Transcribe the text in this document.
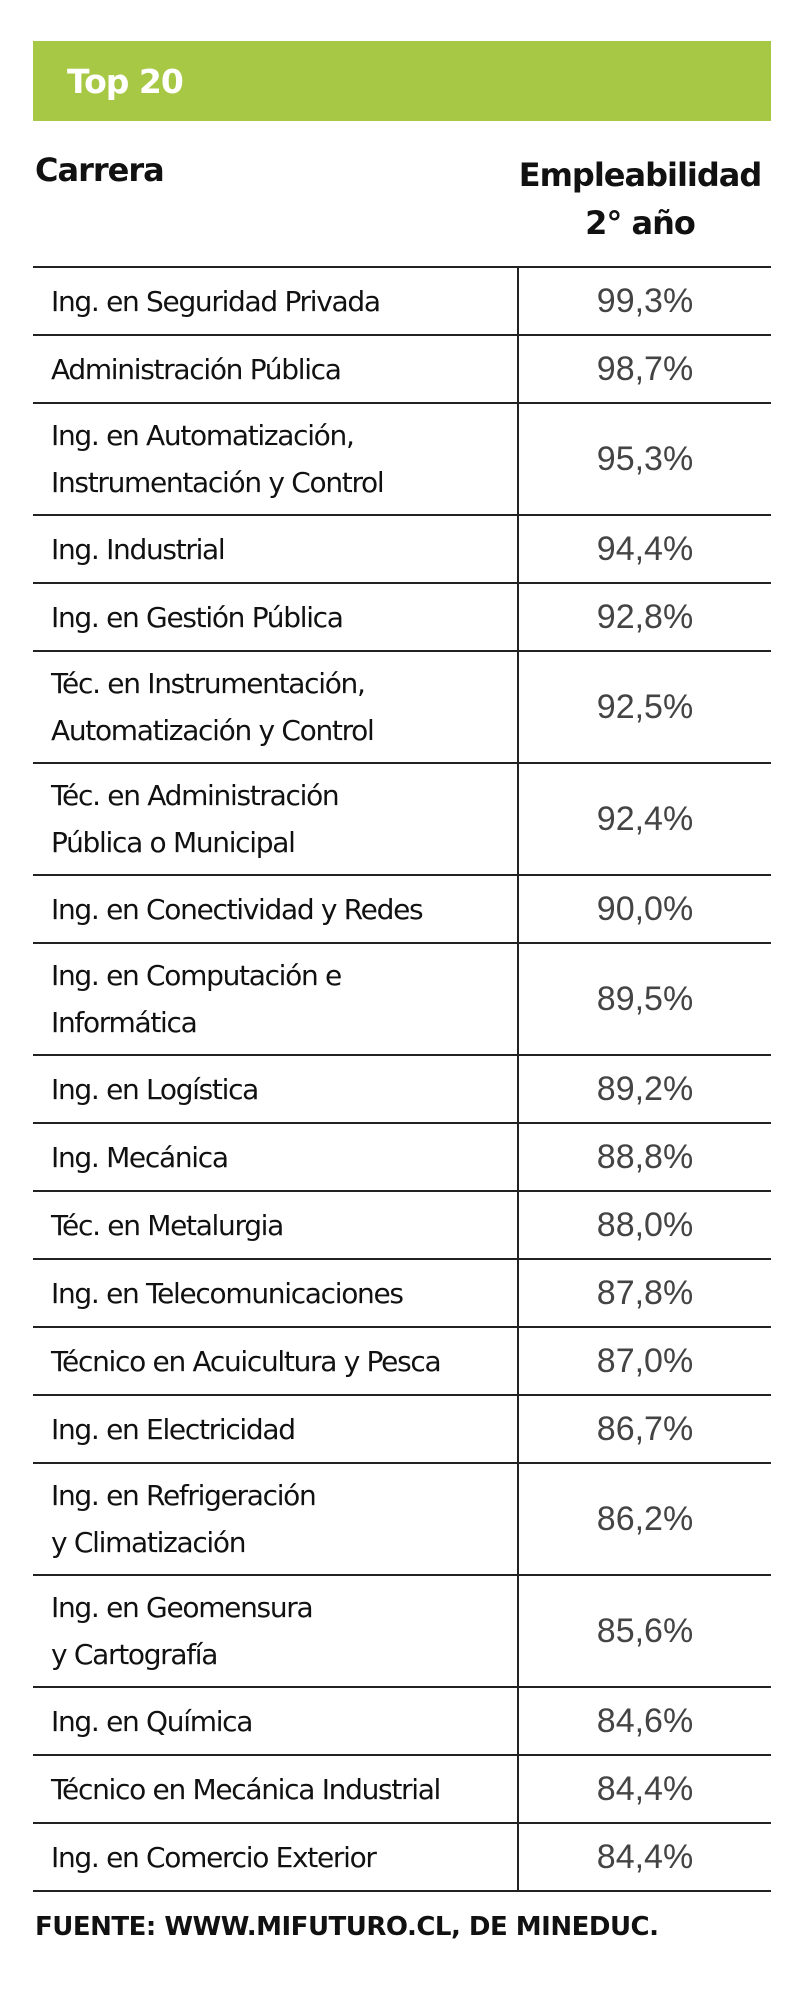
Top 20
Carrera	Empleabilidad
2° año
Ing. en Seguridad Privada	99,3%

Administración Pública	98,7%

Ing. en Automatización,
Instrumentación y Control	95,3%

Ing. Industrial	94,4%

Ing. en Gestión Pública	92,8%

Téc. en Instrumentación,
Automatización y Control	92,5%

Téc. en Administración
Pública o Municipal	92,4%

Ing. en Conectividad y Redes	90,0%

Ing. en Computación e
Informática	89,5%

Ing. en Logística	89,2%

Ing. Mecánica	88,8%

Téc. en Metalurgia	88,0%

Ing. en Telecomunicaciones	87,8%

Técnico en Acuicultura y Pesca	87,0%

Ing. en Electricidad	86,7%

Ing. en Refrigeración
y Climatización	86,2%

Ing. en Geomensura
y Cartografía	85,6%

Ing. en Química	84,6%

Técnico en Mecánica Industrial	84,4%

Ing. en Comercio Exterior	84,4%
FUENTE: WWW.MIFUTURO.CL, DE MINEDUC.
